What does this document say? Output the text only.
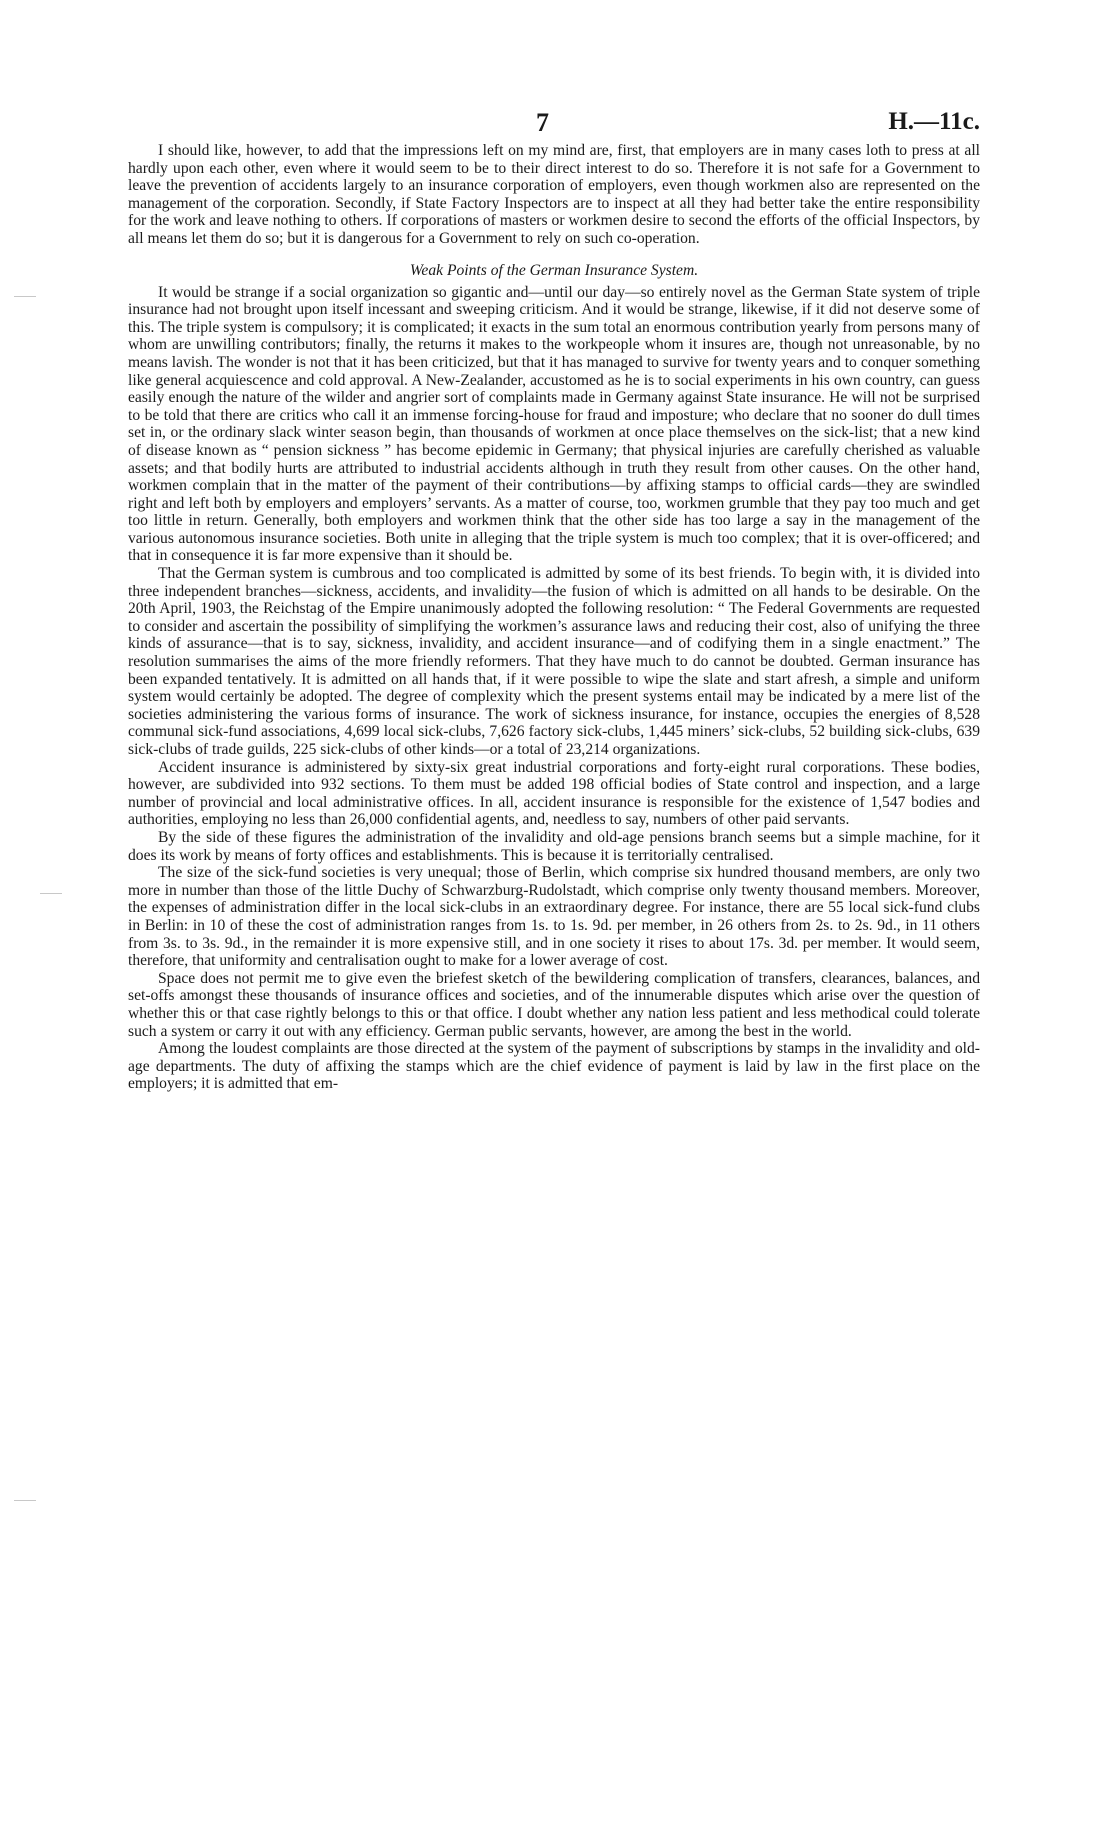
7	H.—11c.

I should like, however, to add that the impressions left on my mind are, first, that employers are in many cases loth to press at all hardly upon each other, even where it would seem to be to their direct interest to do so. Therefore it is not safe for a Government to leave the prevention of accidents largely to an insurance corporation of employers, even though workmen also are represented on the management of the corporation. Secondly, if State Factory Inspectors are to inspect at all they had better take the entire responsibility for the work and leave nothing to others. If corporations of masters or workmen desire to second the efforts of the official Inspectors, by all means let them do so; but it is dangerous for a Government to rely on such co-operation.

Weak Points of the German Insurance System.

It would be strange if a social organization so gigantic and—until our day—so entirely novel as the German State system of triple insurance had not brought upon itself incessant and sweeping criticism. And it would be strange, likewise, if it did not deserve some of this. The triple system is compulsory; it is complicated; it exacts in the sum total an enormous contribution yearly from persons many of whom are unwilling contributors; finally, the returns it makes to the workpeople whom it insures are, though not unreasonable, by no means lavish. The wonder is not that it has been criticized, but that it has managed to survive for twenty years and to conquer something like general acquiescence and cold approval. A New-Zealander, accustomed as he is to social experiments in his own country, can guess easily enough the nature of the wilder and angrier sort of complaints made in Germany against State insurance. He will not be surprised to be told that there are critics who call it an immense forcing-house for fraud and imposture; who declare that no sooner do dull times set in, or the ordinary slack winter season begin, than thousands of workmen at once place themselves on the sick-list; that a new kind of disease known as “ pension sickness ” has become epidemic in Germany; that physical injuries are carefully cherished as valuable assets; and that bodily hurts are attributed to industrial accidents although in truth they result from other causes. On the other hand, workmen complain that in the matter of the payment of their contributions—by affixing stamps to official cards—they are swindled right and left both by employers and employers’ servants. As a matter of course, too, workmen grumble that they pay too much and get too little in return. Generally, both employers and workmen think that the other side has too large a say in the management of the various autonomous insurance societies. Both unite in alleging that the triple system is much too complex; that it is over-officered; and that in consequence it is far more expensive than it should be.

That the German system is cumbrous and too complicated is admitted by some of its best friends. To begin with, it is divided into three independent branches—sickness, accidents, and invalidity—the fusion of which is admitted on all hands to be desirable. On the 20th April, 1903, the Reichstag of the Empire unanimously adopted the following resolution: “ The Federal Governments are requested to consider and ascertain the possibility of simplifying the workmen’s assurance laws and reducing their cost, also of unifying the three kinds of assurance—that is to say, sickness, invalidity, and accident insurance—and of codifying them in a single enactment.” The resolution summarises the aims of the more friendly reformers. That they have much to do cannot be doubted. German insurance has been expanded tentatively. It is admitted on all hands that, if it were possible to wipe the slate and start afresh, a simple and uniform system would certainly be adopted. The degree of complexity which the present systems entail may be indicated by a mere list of the societies administering the various forms of insurance. The work of sickness insurance, for instance, occupies the energies of 8,528 communal sick-fund associations, 4,699 local sick-clubs, 7,626 factory sick-clubs, 1,445 miners’ sick-clubs, 52 building sick-clubs, 639 sick-clubs of trade guilds, 225 sick-clubs of other kinds—or a total of 23,214 organizations.

Accident insurance is administered by sixty-six great industrial corporations and forty-eight rural corporations. These bodies, however, are subdivided into 932 sections. To them must be added 198 official bodies of State control and inspection, and a large number of provincial and local administrative offices. In all, accident insurance is responsible for the existence of 1,547 bodies and authorities, employing no less than 26,000 confidential agents, and, needless to say, numbers of other paid servants.

By the side of these figures the administration of the invalidity and old-age pensions branch seems but a simple machine, for it does its work by means of forty offices and establishments. This is because it is territorially centralised.

The size of the sick-fund societies is very unequal; those of Berlin, which comprise six hundred thousand members, are only two more in number than those of the little Duchy of Schwarzburg-Rudolstadt, which comprise only twenty thousand members. Moreover, the expenses of administration differ in the local sick-clubs in an extraordinary degree. For instance, there are 55 local sick-fund clubs in Berlin: in 10 of these the cost of administration ranges from 1s. to 1s. 9d. per member, in 26 others from 2s. to 2s. 9d., in 11 others from 3s. to 3s. 9d., in the remainder it is more expensive still, and in one society it rises to about 17s. 3d. per member. It would seem, therefore, that uniformity and centralisation ought to make for a lower average of cost.

Space does not permit me to give even the briefest sketch of the bewildering complication of transfers, clearances, balances, and set-offs amongst these thousands of insurance offices and societies, and of the innumerable disputes which arise over the question of whether this or that case rightly belongs to this or that office. I doubt whether any nation less patient and less methodical could tolerate such a system or carry it out with any efficiency. German public servants, however, are among the best in the world.

Among the loudest complaints are those directed at the system of the payment of subscriptions by stamps in the invalidity and old-age departments. The duty of affixing the stamps which are the chief evidence of payment is laid by law in the first place on the employers; it is admitted that em-
